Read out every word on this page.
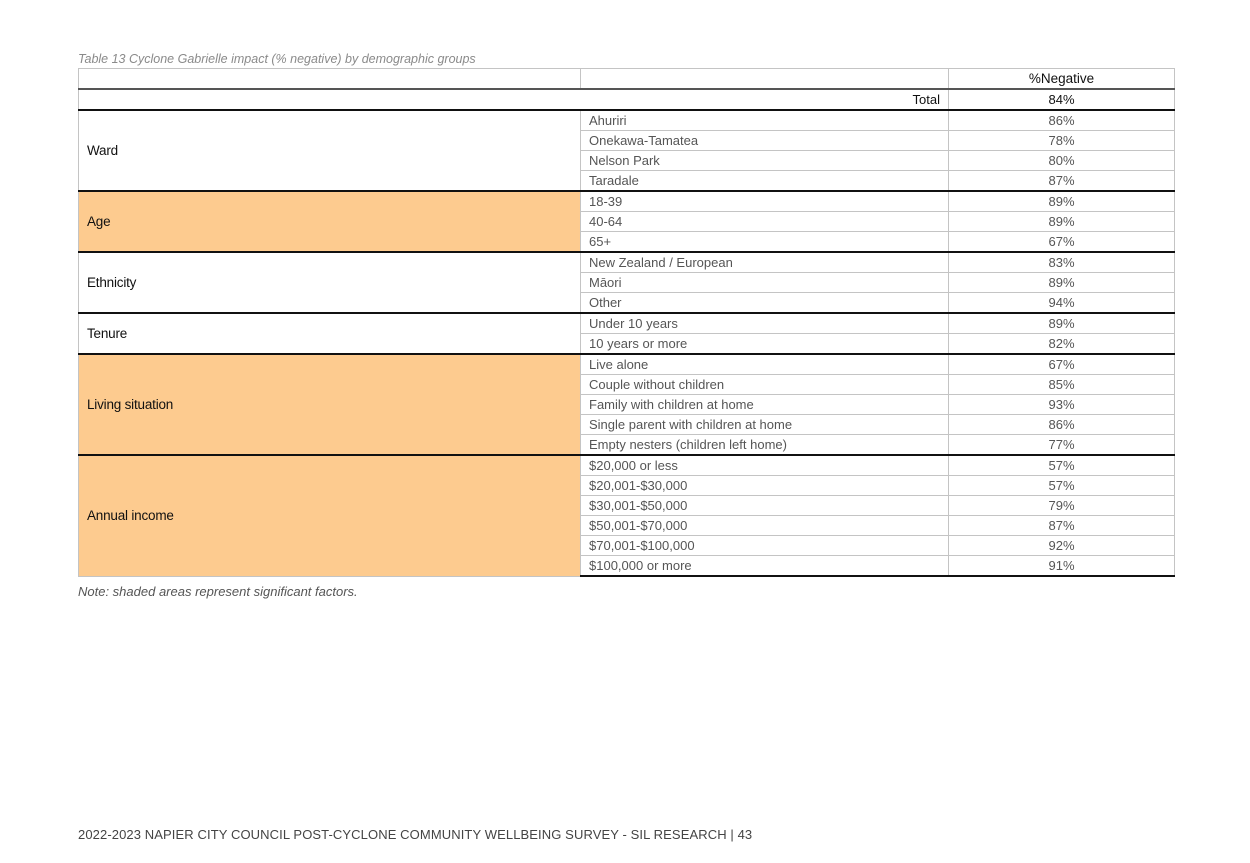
Table 13 Cyclone Gabrielle impact (% negative) by demographic groups
		%Negative
Total		84%
Ward	Ahuriri	86%
	Onekawa-Tamatea	78%
	Nelson Park	80%
	Taradale	87%
Age	18-39	89%
	40-64	89%
	65+	67%
Ethnicity	New Zealand / European	83%
	Māori	89%
	Other	94%
Tenure	Under 10 years	89%
	10 years or more	82%
Living situation	Live alone	67%
	Couple without children	85%
	Family with children at home	93%
	Single parent with children at home	86%
	Empty nesters (children left home)	77%
Annual income	$20,000 or less	57%
	$20,001-$30,000	57%
	$30,001-$50,000	79%
	$50,001-$70,000	87%
	$70,001-$100,000	92%
	$100,000 or more	91%
Note: shaded areas represent significant factors.
2022-2023 NAPIER CITY COUNCIL POST-CYCLONE COMMUNITY WELLBEING SURVEY - SIL RESEARCH | 43
